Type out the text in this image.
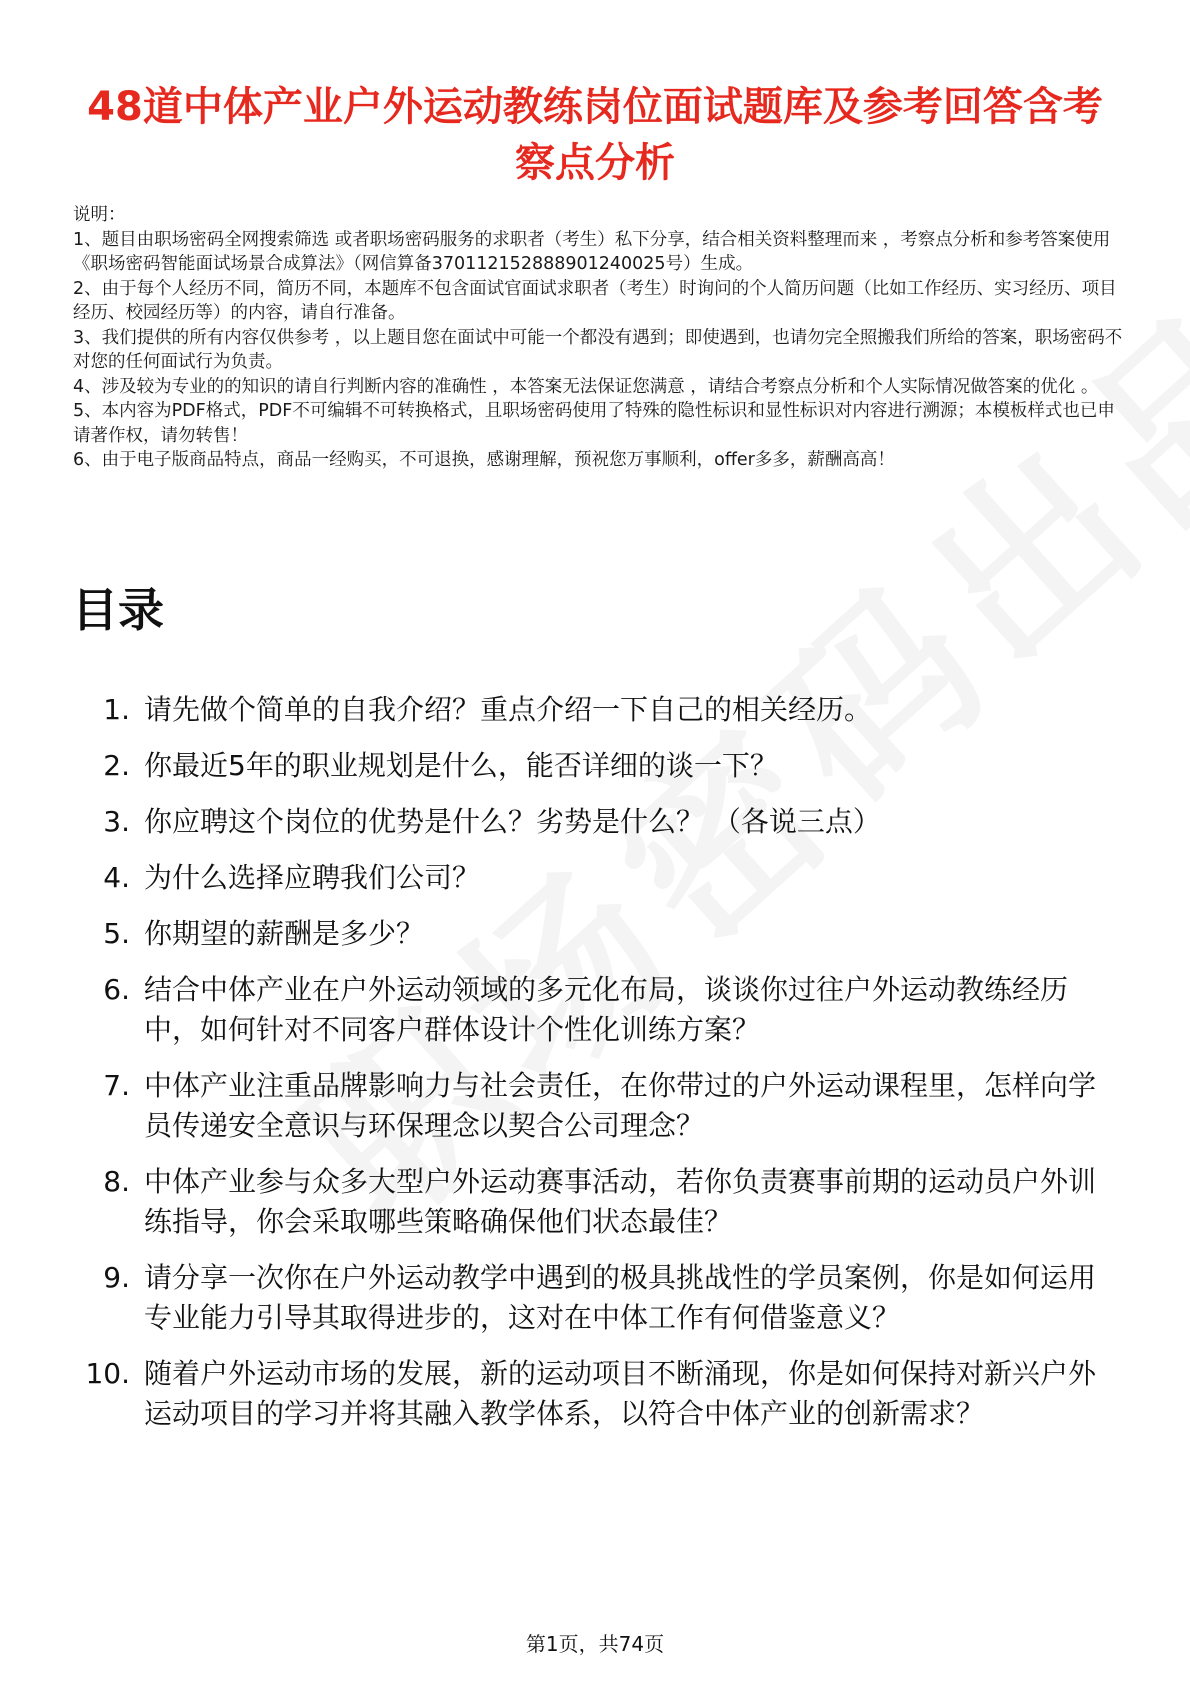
48道中体产业户外运动教练岗位面试题库及参考回答含考察点分析

说明：

1、题目由职场密码全网搜索筛选 或者职场密码服务的求职者（考生）私下分享，结合相关资料整理而来 ，考察点分析和参考答案使用《职场密码智能面试场景合成算法》（网信算备370112152888901240025号）生成。

2、由于每个人经历不同，简历不同，本题库不包含面试官面试求职者（考生）时询问的个人简历问题（比如工作经历、实习经历、项目经历、校园经历等）的内容，请自行准备。

3、我们提供的所有内容仅供参考 ，以上题目您在面试中可能一个都没有遇到；即使遇到，也请勿完全照搬我们所给的答案，职场密码不对您的任何面试行为负责。

4、涉及较为专业的的知识的请自行判断内容的准确性 ，本答案无法保证您满意 ，请结合考察点分析和个人实际情况做答案的优化 。

5、本内容为PDF格式，PDF不可编辑不可转换格式，且职场密码使用了特殊的隐性标识和显性标识对内容进行溯源；本模板样式也已申请著作权，请勿转售！

6、由于电子版商品特点，商品一经购买，不可退换，感谢理解，预祝您万事顺利，offer多多，薪酬高高！

目录
1. 请先做个简单的自我介绍？重点介绍一下自己的相关经历。
2. 你最近5年的职业规划是什么，能否详细的谈一下？
3. 你应聘这个岗位的优势是什么？劣势是什么？ （各说三点）
4. 为什么选择应聘我们公司？
5. 你期望的薪酬是多少？
6. 结合中体产业在户外运动领域的多元化布局，谈谈你过往户外运动教练经历中，如何针对不同客户群体设计个性化训练方案？
7. 中体产业注重品牌影响力与社会责任，在你带过的户外运动课程里，怎样向学员传递安全意识与环保理念以契合公司理念？
8. 中体产业参与众多大型户外运动赛事活动，若你负责赛事前期的运动员户外训练指导，你会采取哪些策略确保他们状态最佳？
9. 请分享一次你在户外运动教学中遇到的极具挑战性的学员案例，你是如何运用专业能力引导其取得进步的，这对在中体工作有何借鉴意义？
10. 随着户外运动市场的发展，新的运动项目不断涌现，你是如何保持对新兴户外运动项目的学习并将其融入教学体系，以符合中体产业的创新需求？
第1页，共74页
